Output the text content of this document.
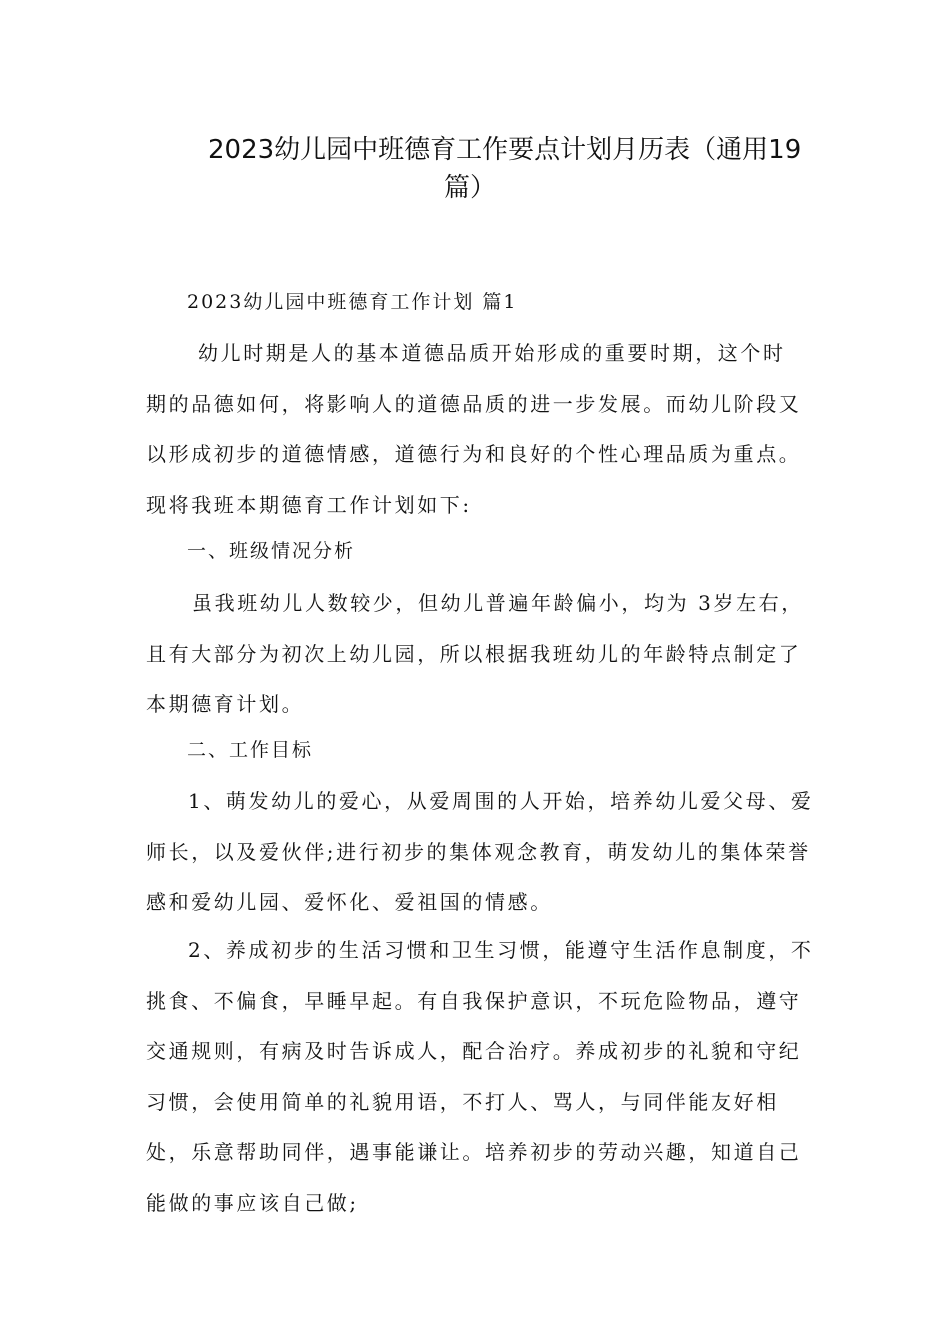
2023幼儿园中班德育工作要点计划月历表（通用19
篇）

2023幼儿园中班德育工作计划 篇1

幼儿时期是人的基本道德品质开始形成的重要时期，这个时
期的品德如何，将影响人的道德品质的进一步发展。而幼儿阶段又
以形成初步的道德情感，道德行为和良好的个性心理品质为重点。
现将我班本期德育工作计划如下:

一、班级情况分析

虽我班幼儿人数较少，但幼儿普遍年龄偏小，均为 3岁左右，
且有大部分为初次上幼儿园，所以根据我班幼儿的年龄特点制定了
本期德育计划。

二、工作目标

1、萌发幼儿的爱心，从爱周围的人开始，培养幼儿爱父母、爱
师长，以及爱伙伴;进行初步的集体观念教育，萌发幼儿的集体荣誉
感和爱幼儿园、爱怀化、爱祖国的情感。
2、养成初步的生活习惯和卫生习惯，能遵守生活作息制度，不
挑食、不偏食，早睡早起。有自我保护意识，不玩危险物品，遵守
交通规则，有病及时告诉成人，配合治疗。养成初步的礼貌和守纪
习惯，会使用简单的礼貌用语，不打人、骂人，与同伴能友好相
处，乐意帮助同伴，遇事能谦让。培养初步的劳动兴趣，知道自己
能做的事应该自己做;
